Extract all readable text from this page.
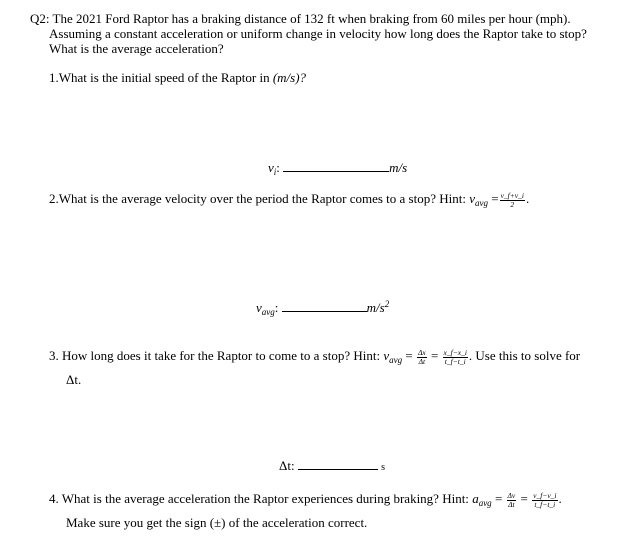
Q2: The 2021 Ford Raptor has a braking distance of 132 ft when braking from 60 miles per hour (mph).
Assuming a constant acceleration or uniform change in velocity how long does the Raptor take to stop?
What is the average acceleration?
1.What is the initial speed of the Raptor in (m/s)?
$v_i$:	m/s
2.What is the average velocity over the period the Raptor comes to a stop? Hint: $v_{avg} = \frac{v\_f+v\_i}{2}$ .
$v_{avg}$:	$m/s^2$
3. How long does it take for the Raptor to come to a stop? Hint: $v_{avg} = \frac{\Delta x}{\Delta t} = \frac{x\_f-x\_i}{t\_f-t\_i}$ . Use this to solve for
Δt.
Δt:	s
4. What is the average acceleration the Raptor experiences during braking? Hint: $a_{avg} = \frac{\Delta v}{\Delta t} = \frac{v\_f-v\_i}{t\_f-t\_i}$ .
Make sure you get the sign (±) of the acceleration correct.
